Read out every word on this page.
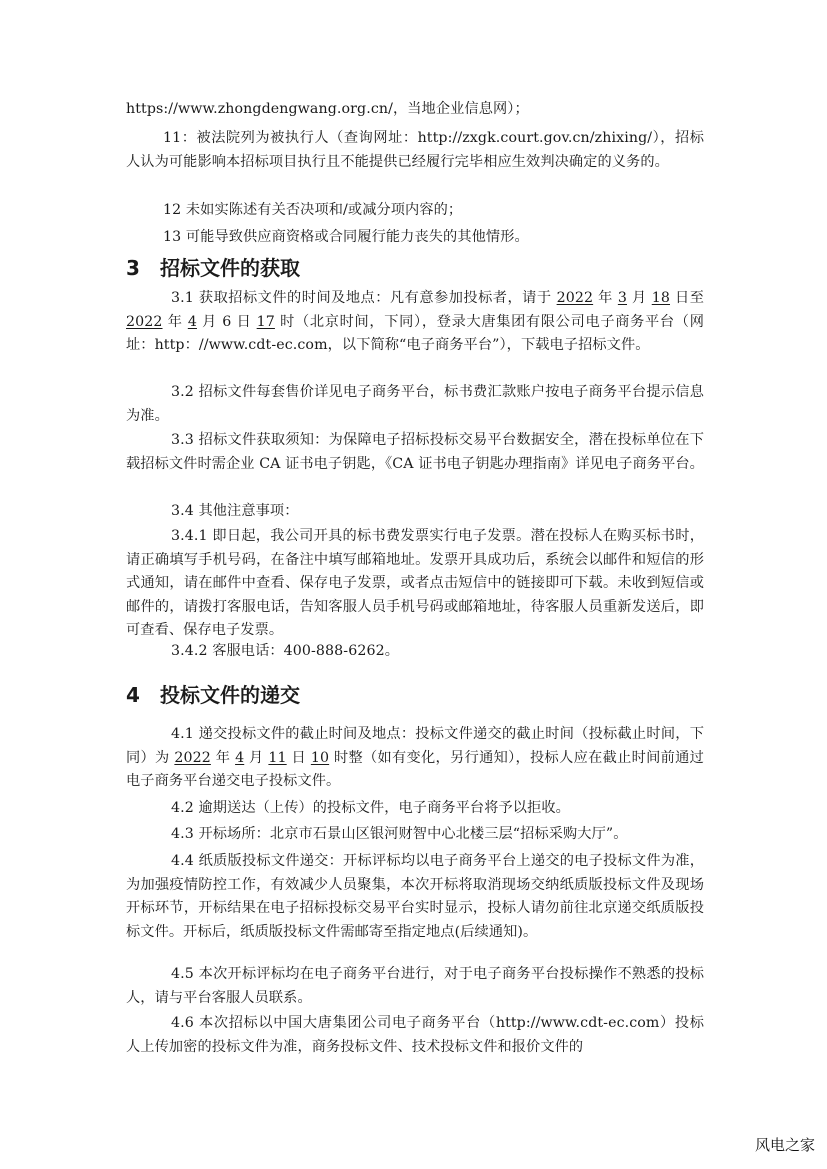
https://www.zhongdengwang.org.cn/，当地企业信息网）；

11：被法院列为被执行人（查询网址：http://zxgk.court.gov.cn/zhixing/），招标人认为可能影响本招标项目执行且不能提供已经履行完毕相应生效判决确定的义务的。

12 未如实陈述有关否决项和/或减分项内容的；

13 可能导致供应商资格或合同履行能力丧失的其他情形。

3 招标文件的获取

3.1 获取招标文件的时间及地点：凡有意参加投标者，请于 2022 年 3 月 18 日至 2022 年 4 月 6 日 17 时（北京时间，下同），登录大唐集团有限公司电子商务平台（网址：http：//www.cdt-ec.com，以下简称“电子商务平台”），下载电子招标文件。

3.2 招标文件每套售价详见电子商务平台，标书费汇款账户按电子商务平台提示信息为准。

3.3 招标文件获取须知：为保障电子招标投标交易平台数据安全，潜在投标单位在下载招标文件时需企业 CA 证书电子钥匙，《CA 证书电子钥匙办理指南》详见电子商务平台。

3.4 其他注意事项：

3.4.1 即日起，我公司开具的标书费发票实行电子发票。潜在投标人在购买标书时，请正确填写手机号码，在备注中填写邮箱地址。发票开具成功后，系统会以邮件和短信的形式通知，请在邮件中查看、保存电子发票，或者点击短信中的链接即可下载。未收到短信或邮件的，请拨打客服电话，告知客服人员手机号码或邮箱地址，待客服人员重新发送后，即可查看、保存电子发票。

3.4.2 客服电话：400-888-6262。

4 投标文件的递交

4.1 递交投标文件的截止时间及地点：投标文件递交的截止时间（投标截止时间，下同）为 2022 年 4 月 11 日 10 时整（如有变化，另行通知），投标人应在截止时间前通过电子商务平台递交电子投标文件。

4.2 逾期送达（上传）的投标文件，电子商务平台将予以拒收。

4.3 开标场所：北京市石景山区银河财智中心北楼三层“招标采购大厅”。

4.4 纸质版投标文件递交：开标评标均以电子商务平台上递交的电子投标文件为准，为加强疫情防控工作，有效减少人员聚集，本次开标将取消现场交纳纸质版投标文件及现场开标环节，开标结果在电子招标投标交易平台实时显示，投标人请勿前往北京递交纸质版投标文件。开标后，纸质版投标文件需邮寄至指定地点(后续通知)。

4.5 本次开标评标均在电子商务平台进行，对于电子商务平台投标操作不熟悉的投标人，请与平台客服人员联系。

4.6 本次招标以中国大唐集团公司电子商务平台（http://www.cdt-ec.com）投标人上传加密的投标文件为准，商务投标文件、技术投标文件和报价文件的

风电之家
